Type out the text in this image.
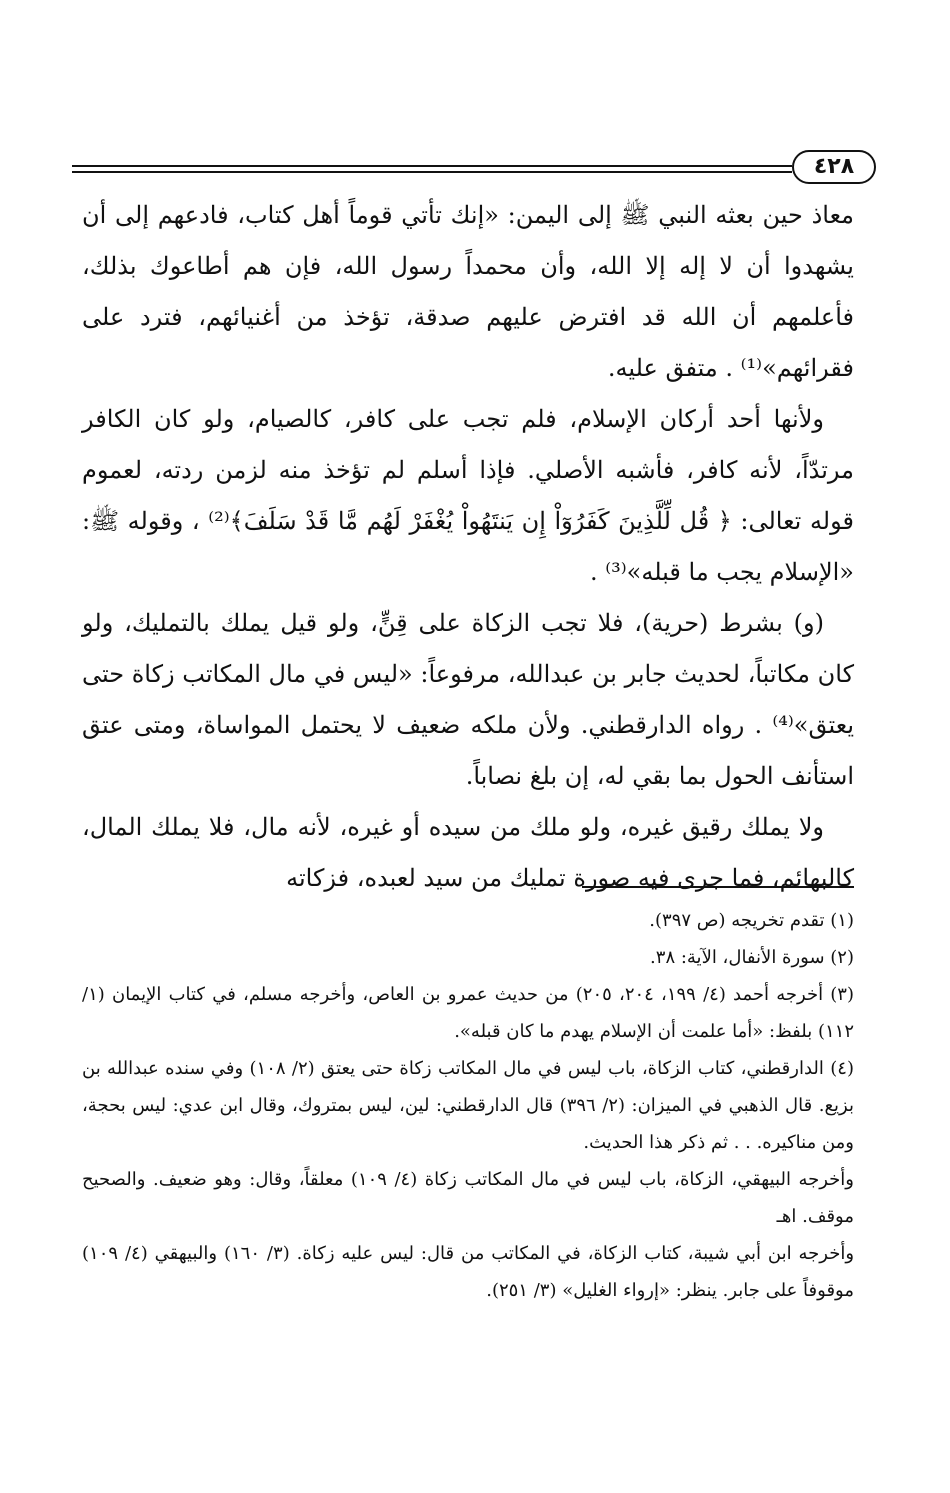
٤٢٨

معاذ حين بعثه النبي ﷺ إلى اليمن: «إنك تأتي قوماً أهل كتاب، فادعهم إلى أن يشهدوا أن لا إله إلا الله، وأن محمداً رسول الله، فإن هم أطاعوك بذلك، فأعلمهم أن الله قد افترض عليهم صدقة، تؤخذ من أغنيائهم، فترد على فقرائهم»⁽¹⁾ . متفق عليه.

ولأنها أحد أركان الإسلام، فلم تجب على كافر، كالصيام، ولو كان الكافر مرتدّاً، لأنه كافر، فأشبه الأصلي. فإذا أسلم لم تؤخذ منه لزمن ردته، لعموم قوله تعالى: ﴿ قُل لِّلَّذِينَ كَفَرُوٓاْ إِن يَنتَهُواْ يُغْفَرْ لَهُم مَّا قَدْ سَلَفَ﴾⁽²⁾ ، وقوله ﷺ: «الإسلام يجب ما قبله»⁽³⁾ .

(و) بشرط (حرية)، فلا تجب الزكاة على قِنٍّ، ولو قيل يملك بالتمليك، ولو كان مكاتباً، لحديث جابر بن عبدالله، مرفوعاً: «ليس في مال المكاتب زكاة حتى يعتق»⁽⁴⁾ . رواه الدارقطني. ولأن ملكه ضعيف لا يحتمل المواساة، ومتى عتق استأنف الحول بما بقي له، إن بلغ نصاباً.

ولا يملك رقيق غيره، ولو ملك من سيده أو غيره، لأنه مال، فلا يملك المال، كالبهائم، فما جرى فيه صورة تمليك من سيد لعبده، فزكاته

(١) تقدم تخريجه (ص ٣٩٧).

(٢) سورة الأنفال، الآية: ٣٨.

(٣) أخرجه أحمد (٤/ ١٩٩، ٢٠٤، ٢٠٥) من حديث عمرو بن العاص، وأخرجه مسلم، في كتاب الإيمان (١/ ١١٢) بلفظ: «أما علمت أن الإسلام يهدم ما كان قبله».

(٤) الدارقطني، كتاب الزكاة، باب ليس في مال المكاتب زكاة حتى يعتق (٢/ ١٠٨) وفي سنده عبدالله بن بزيع. قال الذهبي في الميزان: (٢/ ٣٩٦) قال الدارقطني: لين، ليس بمتروك، وقال ابن عدي: ليس بحجة، ومن مناكيره. . . ثم ذكر هذا الحديث.

وأخرجه البيهقي، الزكاة، باب ليس في مال المكاتب زكاة (٤/ ١٠٩) معلقاً، وقال: وهو ضعيف. والصحيح موقف. اهـ

وأخرجه ابن أبي شيبة، كتاب الزكاة، في المكاتب من قال: ليس عليه زكاة. (٣/ ١٦٠) والبيهقي (٤/ ١٠٩) موقوفاً على جابر. ينظر: «إرواء الغليل» (٣/ ٢٥١).
